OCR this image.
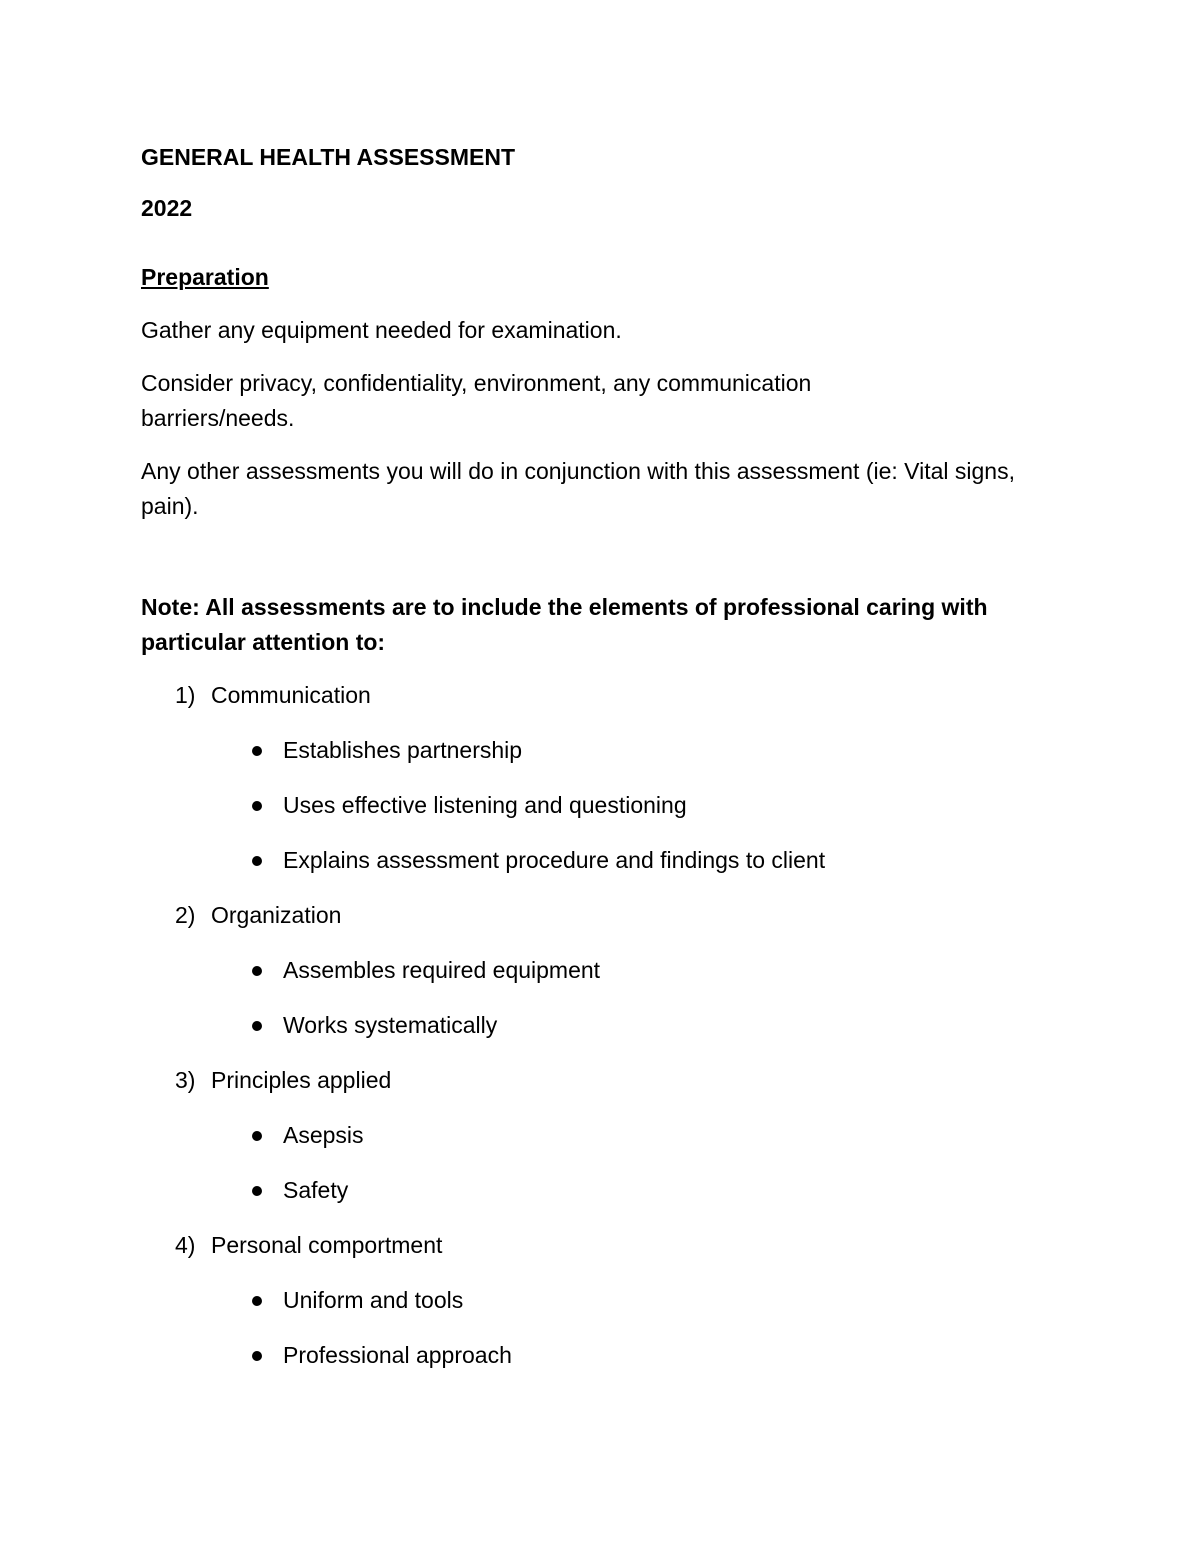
GENERAL HEALTH ASSESSMENT
2022
Preparation
Gather any equipment needed for examination.
Consider privacy, confidentiality, environment, any communication barriers/needs.
Any other assessments you will do in conjunction with this assessment (ie: Vital signs, pain).
Note: All assessments are to include the elements of professional caring with particular attention to:
1) Communication
Establishes partnership
Uses effective listening and questioning
Explains assessment procedure and findings to client
2) Organization
Assembles required equipment
Works systematically
3) Principles applied
Asepsis
Safety
4) Personal comportment
Uniform and tools
Professional approach
